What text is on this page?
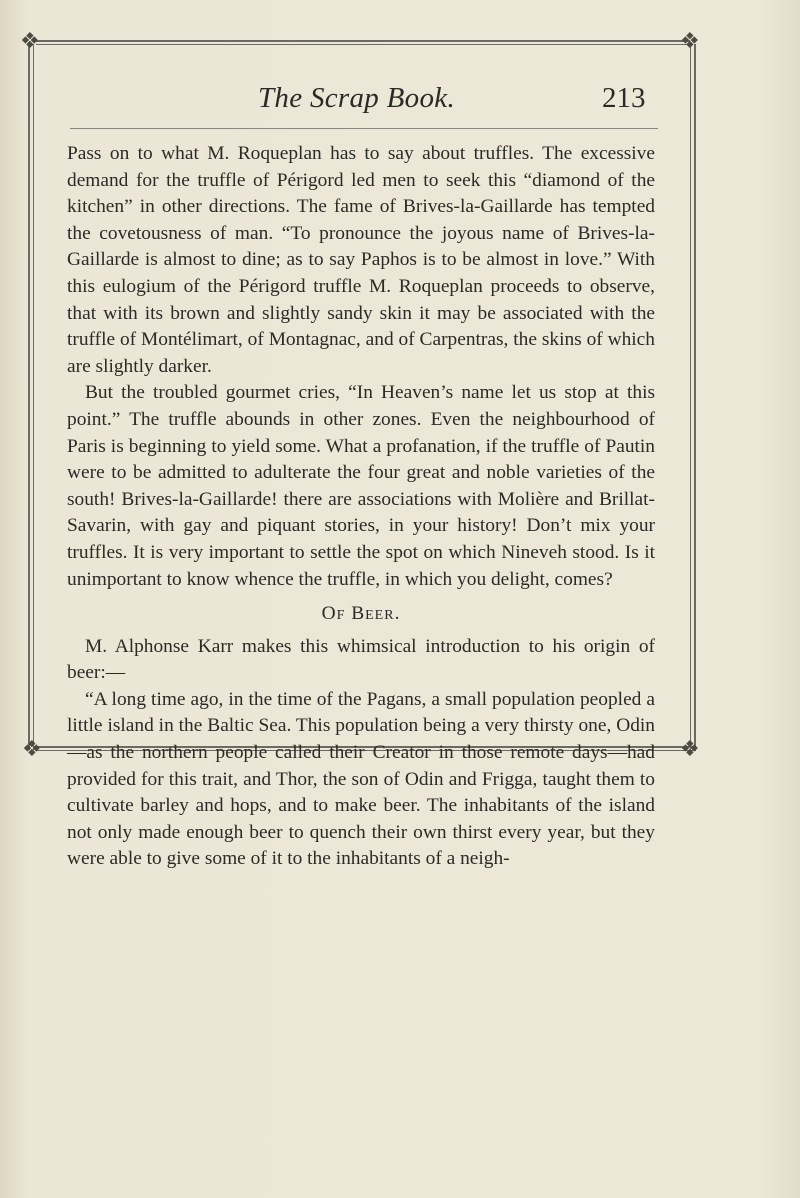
❖	❖
❖	❖
The Scrap Book.	213

Pass on to what M. Roqueplan has to say about truffles. The excessive demand for the truffle of Périgord led men to seek this “diamond of the kitchen” in other directions. The fame of Brives-la-Gaillarde has tempted the covetousness of man. “To pronounce the joyous name of Brives-la-Gaillarde is almost to dine; as to say Paphos is to be almost in love.” With this eulogium of the Périgord truffle M. Roqueplan proceeds to observe, that with its brown and slightly sandy skin it may be associated with the truffle of Montélimart, of Montagnac, and of Carpentras, the skins of which are slightly darker.

But the troubled gourmet cries, “In Heaven’s name let us stop at this point.” The truffle abounds in other zones. Even the neighbourhood of Paris is beginning to yield some. What a profanation, if the truffle of Pautin were to be admitted to adulterate the four great and noble varieties of the south! Brives-la-Gaillarde! there are associations with Molière and Brillat-Savarin, with gay and piquant stories, in your history! Don’t mix your truffles. It is very important to settle the spot on which Nineveh stood. Is it unimportant to know whence the truffle, in which you delight, comes?

Of Beer.

M. Alphonse Karr makes this whimsical introduction to his origin of beer:—

“A long time ago, in the time of the Pagans, a small population peopled a little island in the Baltic Sea. This population being a very thirsty one, Odin—as the northern people called their Creator in those remote days—had provided for this trait, and Thor, the son of Odin and Frigga, taught them to cultivate barley and hops, and to make beer. The inhabitants of the island not only made enough beer to quench their own thirst every year, but they were able to give some of it to the inhabitants of a neigh-
